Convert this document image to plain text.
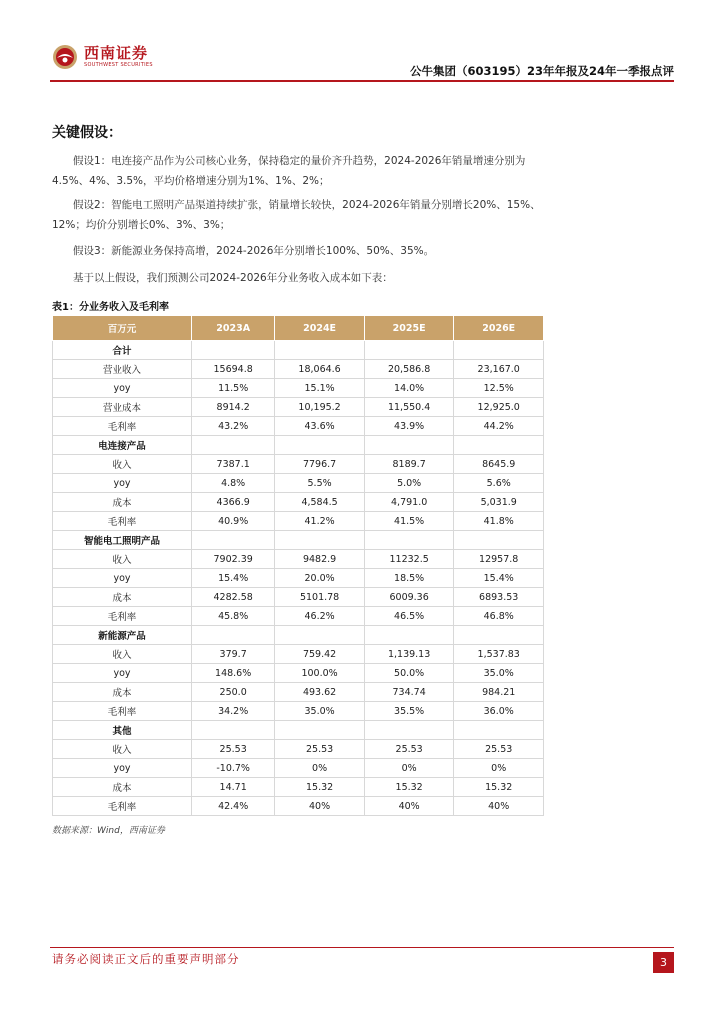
西南证券
SOUTHWEST SECURITIES	公牛集团（603195）23年年报及24年一季报点评
关键假设：
假设1：电连接产品作为公司核心业务，保持稳定的量价齐升趋势，2024-2026年销量增速分别为4.5%、4%、3.5%，平均价格增速分别为1%、1%、2%；
假设2：智能电工照明产品渠道持续扩张，销量增长较快，2024-2026年销量分别增长20%、15%、12%；均价分别增长0%、3%、3%；
假设3：新能源业务保持高增，2024-2026年分别增长100%、50%、35%。
基于以上假设，我们预测公司2024-2026年分业务收入成本如下表：
表1：分业务收入及毛利率
百万元	2023A	2024E	2025E	2026E
合计				
营业收入	15694.8	18,064.6	20,586.8	23,167.0
yoy	11.5%	15.1%	14.0%	12.5%
营业成本	8914.2	10,195.2	11,550.4	12,925.0
毛利率	43.2%	43.6%	43.9%	44.2%
电连接产品				
收入	7387.1	7796.7	8189.7	8645.9
yoy	4.8%	5.5%	5.0%	5.6%
成本	4366.9	4,584.5	4,791.0	5,031.9
毛利率	40.9%	41.2%	41.5%	41.8%
智能电工照明产品				
收入	7902.39	9482.9	11232.5	12957.8
yoy	15.4%	20.0%	18.5%	15.4%
成本	4282.58	5101.78	6009.36	6893.53
毛利率	45.8%	46.2%	46.5%	46.8%
新能源产品				
收入	379.7	759.42	1,139.13	1,537.83
yoy	148.6%	100.0%	50.0%	35.0%
成本	250.0	493.62	734.74	984.21
毛利率	34.2%	35.0%	35.5%	36.0%
其他				
收入	25.53	25.53	25.53	25.53
yoy	-10.7%	0%	0%	0%
成本	14.71	15.32	15.32	15.32
毛利率	42.4%	40%	40%	40%
数据来源：Wind，西南证券
请务必阅读正文后的重要声明部分	3
